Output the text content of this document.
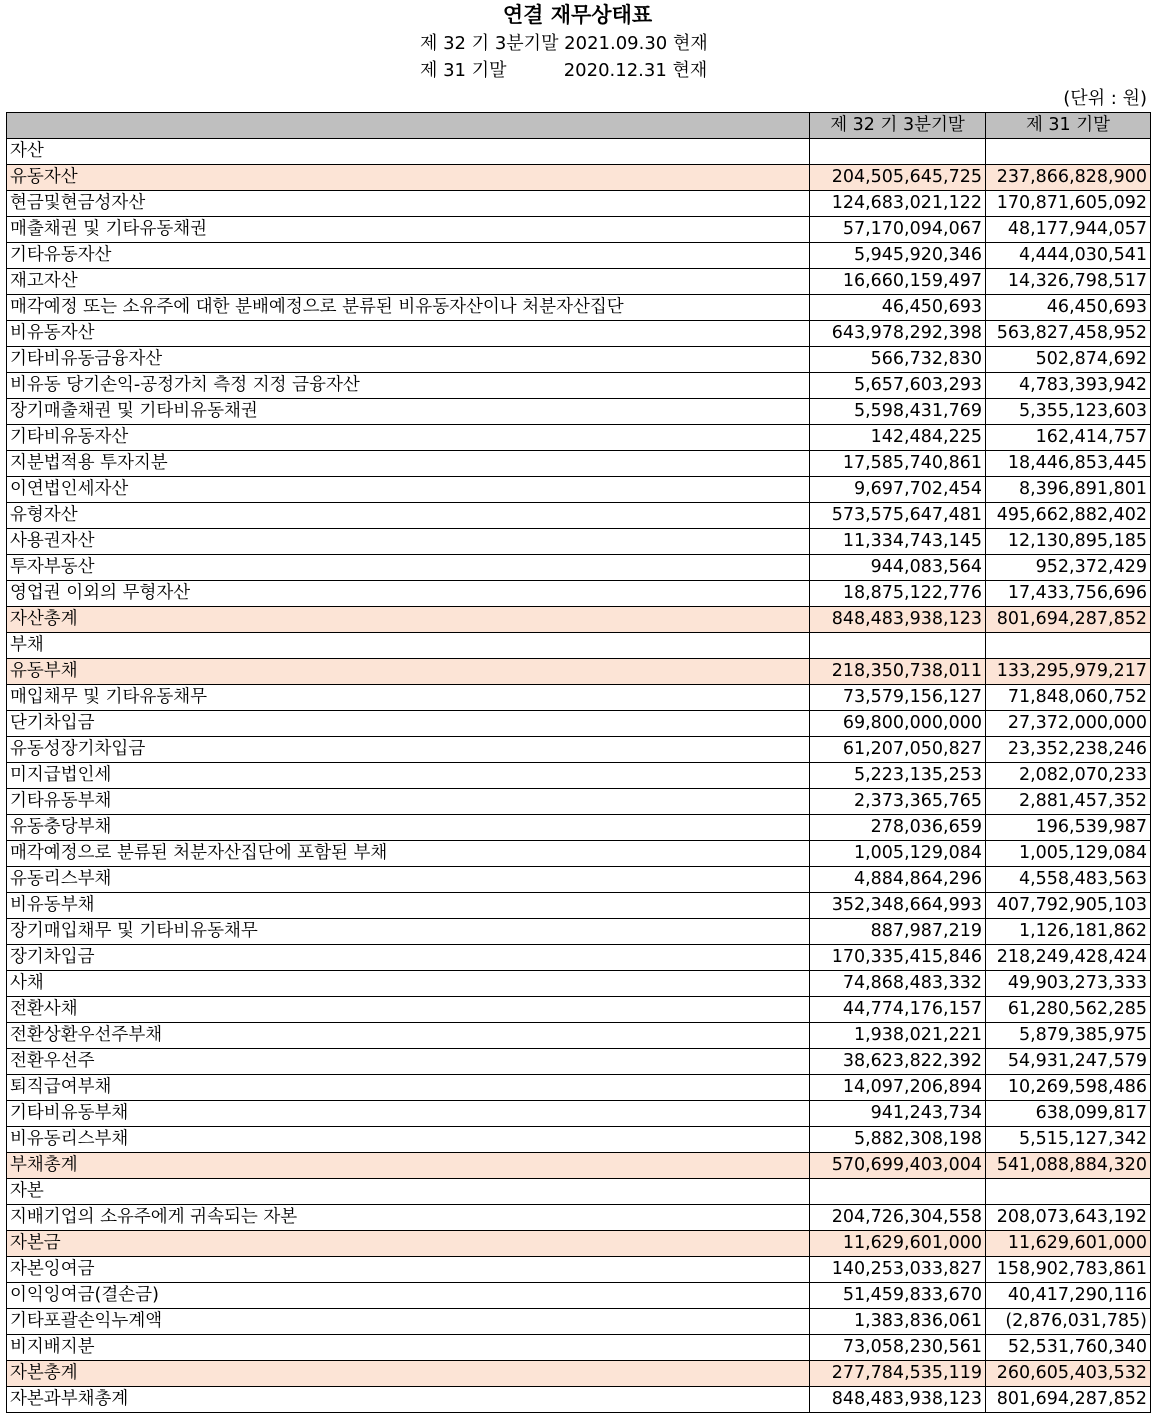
연결 재무상태표
제 32 기 3분기말 2021.09.30 현재
제 31 기말          2020.12.31 현재
(단위 : 원)
	제 32 기 3분기말	제 31 기말
자산		
유동자산	204,505,645,725	237,866,828,900
현금및현금성자산	124,683,021,122	170,871,605,092
매출채권 및 기타유동채권	57,170,094,067	48,177,944,057
기타유동자산	5,945,920,346	4,444,030,541
재고자산	16,660,159,497	14,326,798,517
매각예정 또는 소유주에 대한 분배예정으로 분류된 비유동자산이나 처분자산집단	46,450,693	46,450,693
비유동자산	643,978,292,398	563,827,458,952
기타비유동금융자산	566,732,830	502,874,692
비유동 당기손익-공정가치 측정 지정 금융자산	5,657,603,293	4,783,393,942
장기매출채권 및 기타비유동채권	5,598,431,769	5,355,123,603
기타비유동자산	142,484,225	162,414,757
지분법적용 투자지분	17,585,740,861	18,446,853,445
이연법인세자산	9,697,702,454	8,396,891,801
유형자산	573,575,647,481	495,662,882,402
사용권자산	11,334,743,145	12,130,895,185
투자부동산	944,083,564	952,372,429
영업권 이외의 무형자산	18,875,122,776	17,433,756,696
자산총계	848,483,938,123	801,694,287,852
부채		
유동부채	218,350,738,011	133,295,979,217
매입채무 및 기타유동채무	73,579,156,127	71,848,060,752
단기차입금	69,800,000,000	27,372,000,000
유동성장기차입금	61,207,050,827	23,352,238,246
미지급법인세	5,223,135,253	2,082,070,233
기타유동부채	2,373,365,765	2,881,457,352
유동충당부채	278,036,659	196,539,987
매각예정으로 분류된 처분자산집단에 포함된 부채	1,005,129,084	1,005,129,084
유동리스부채	4,884,864,296	4,558,483,563
비유동부채	352,348,664,993	407,792,905,103
장기매입채무 및 기타비유동채무	887,987,219	1,126,181,862
장기차입금	170,335,415,846	218,249,428,424
사채	74,868,483,332	49,903,273,333
전환사채	44,774,176,157	61,280,562,285
전환상환우선주부채	1,938,021,221	5,879,385,975
전환우선주	38,623,822,392	54,931,247,579
퇴직급여부채	14,097,206,894	10,269,598,486
기타비유동부채	941,243,734	638,099,817
비유동리스부채	5,882,308,198	5,515,127,342
부채총계	570,699,403,004	541,088,884,320
자본		
지배기업의 소유주에게 귀속되는 자본	204,726,304,558	208,073,643,192
자본금	11,629,601,000	11,629,601,000
자본잉여금	140,253,033,827	158,902,783,861
이익잉여금(결손금)	51,459,833,670	40,417,290,116
기타포괄손익누계액	1,383,836,061	(2,876,031,785)
비지배지분	73,058,230,561	52,531,760,340
자본총계	277,784,535,119	260,605,403,532
자본과부채총계	848,483,938,123	801,694,287,852
